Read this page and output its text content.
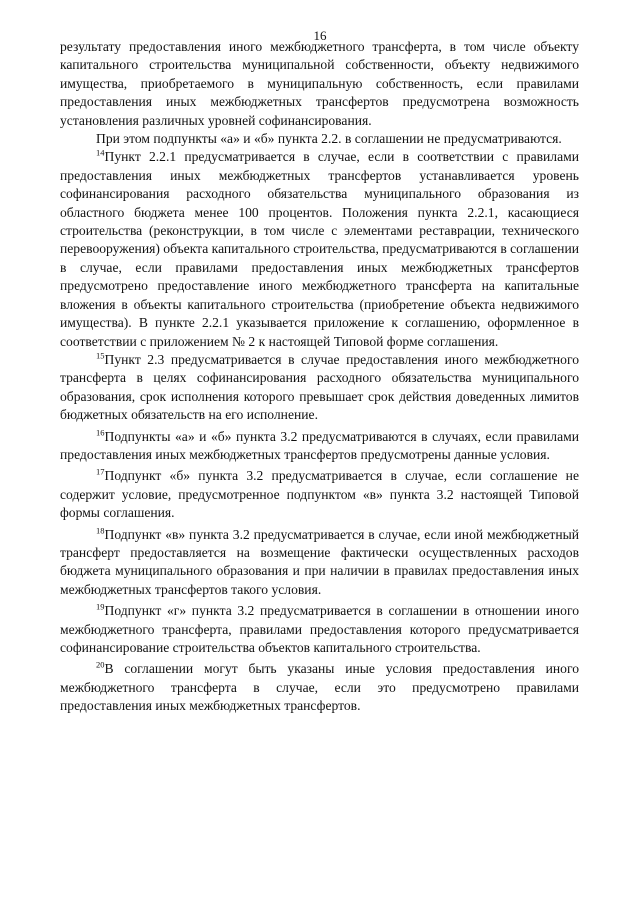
16

результату предоставления иного межбюджетного трансферта, в том числе объекту капитального строительства муниципальной собственности, объекту недвижимого имущества, приобретаемого в муниципальную собственность, если правилами предоставления иных межбюджетных трансфертов предусмотрена возможность установления различных уровней софинансирования.

При этом подпункты «а» и «б» пункта 2.2. в соглашении не предусматриваются.

$^{14}$Пункт 2.2.1 предусматривается в случае, если в соответствии с правилами предоставления иных межбюджетных трансфертов устанавливается уровень софинансирования расходного обязательства муниципального образования из областного бюджета менее 100 процентов. Положения пункта 2.2.1, касающиеся строительства (реконструкции, в том числе с элементами реставрации, технического перевооружения) объекта капитального строительства, предусматриваются в соглашении в случае, если правилами предоставления иных межбюджетных трансфертов предусмотрено предоставление иного межбюджетного трансферта на капитальные вложения в объекты капитального строительства (приобретение объекта недвижимого имущества). В пункте 2.2.1 указывается приложение к соглашению, оформленное в соответствии с приложением № 2 к настоящей Типовой форме соглашения.

$^{15}$Пункт 2.3 предусматривается в случае предоставления иного межбюджетного трансферта в целях софинансирования расходного обязательства муниципального образования, срок исполнения которого превышает срок действия доведенных лимитов бюджетных обязательств на его исполнение.

$^{16}$Подпункты «а» и «б» пункта 3.2 предусматриваются в случаях, если правилами предоставления иных межбюджетных трансфертов предусмотрены данные условия.

$^{17}$Подпункт «б» пункта 3.2 предусматривается в случае, если соглашение не содержит условие, предусмотренное подпунктом «в» пункта 3.2 настоящей Типовой формы соглашения.

$^{18}$Подпункт «в» пункта 3.2 предусматривается в случае, если иной межбюджетный трансферт предоставляется на возмещение фактически осуществленных расходов бюджета муниципального образования и при наличии в правилах предоставления иных межбюджетных трансфертов такого условия.

$^{19}$Подпункт «г» пункта 3.2 предусматривается в соглашении в отношении иного межбюджетного трансферта, правилами предоставления которого предусматривается софинансирование строительства объектов капитального строительства.

$^{20}$В соглашении могут быть указаны иные условия предоставления иного межбюджетного трансферта в случае, если это предусмотрено правилами предоставления иных межбюджетных трансфертов.
